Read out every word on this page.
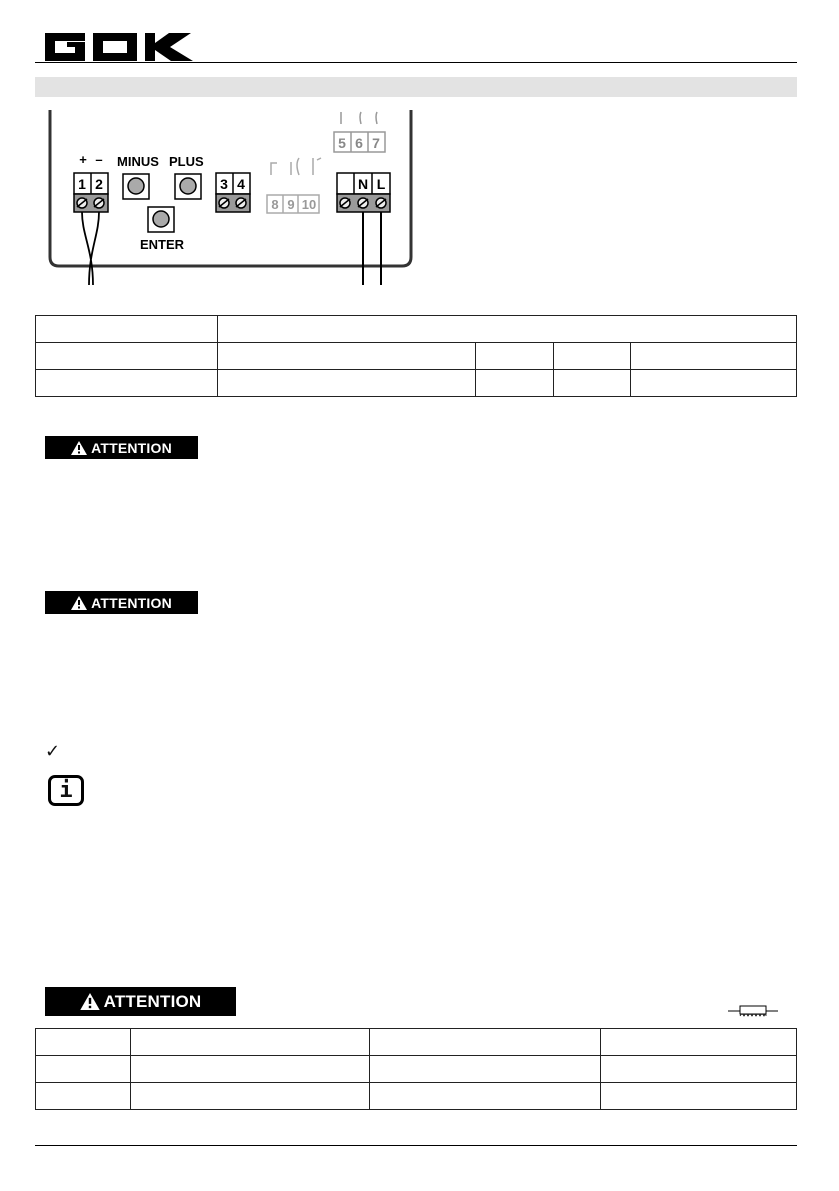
5 6 7
+ –
1 2
MINUS PLUS
ENTER
3 4
8 9 10
N L

ATTENTION
ATTENTION
✓
i
ATTENTION
